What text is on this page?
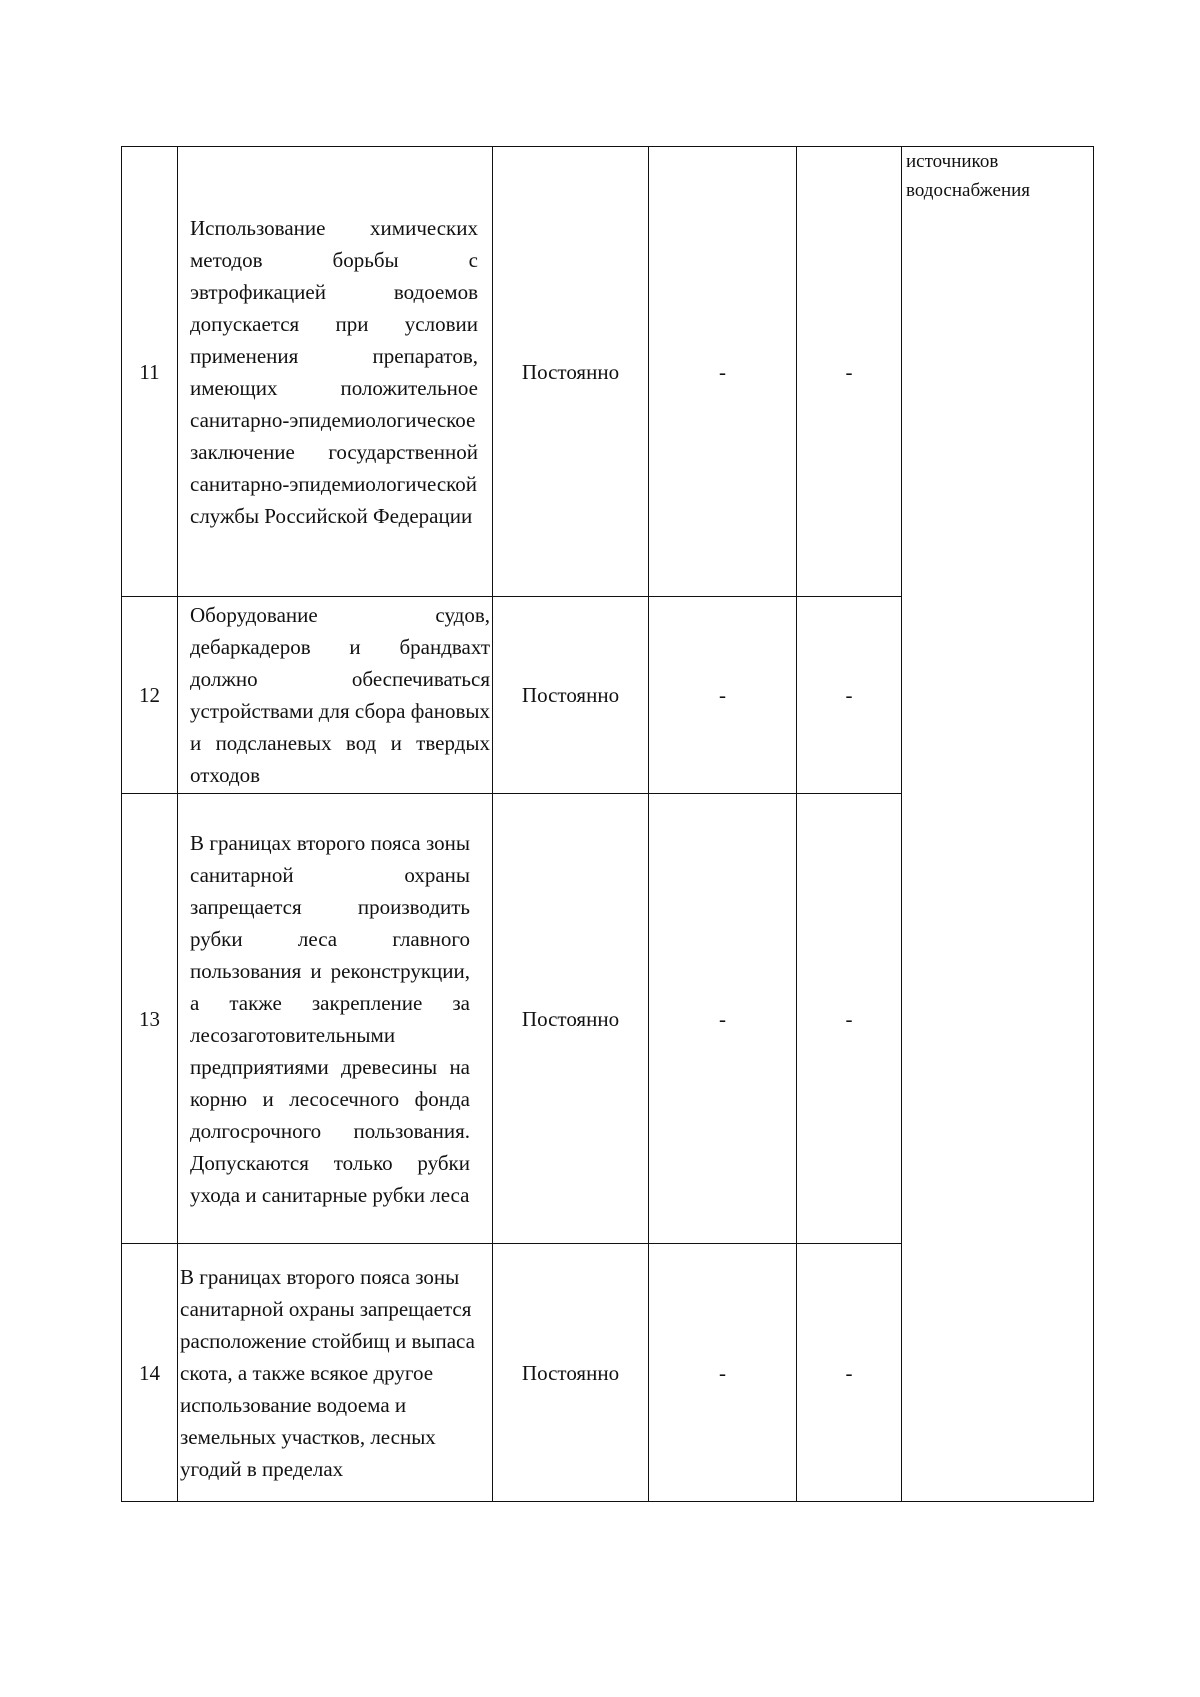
11	Использование химических методов борьбы с эвтрофикацией водоемов допускается при условии применения препаратов, имеющих положительное санитарно-эпидемиологическое заключение государственной санитарно-эпидемиологической службы Российской Федерации	Постоянно	-	-	источников водоснабжения

12	Оборудование судов, дебаркадеров и брандвахт должно обеспечиваться устройствами для сбора фановых и подсланевых вод и твердых отходов	Постоянно	-	-	
13	В границах второго пояса зоны санитарной охраны запрещается производить рубки леса главного пользования и реконструкции, а также закрепление за лесозаготовительными предприятиями древесины на корню и лесосечного фонда долгосрочного пользования. Допускаются только рубки ухода и санитарные рубки леса	Постоянно	-	-	
14	В границах второго пояса зоны санитарной охраны запрещается расположение стойбищ и выпаса скота, а также всякое другое использование водоема и земельных участков, лесных угодий в пределах	Постоянно	-	-	
